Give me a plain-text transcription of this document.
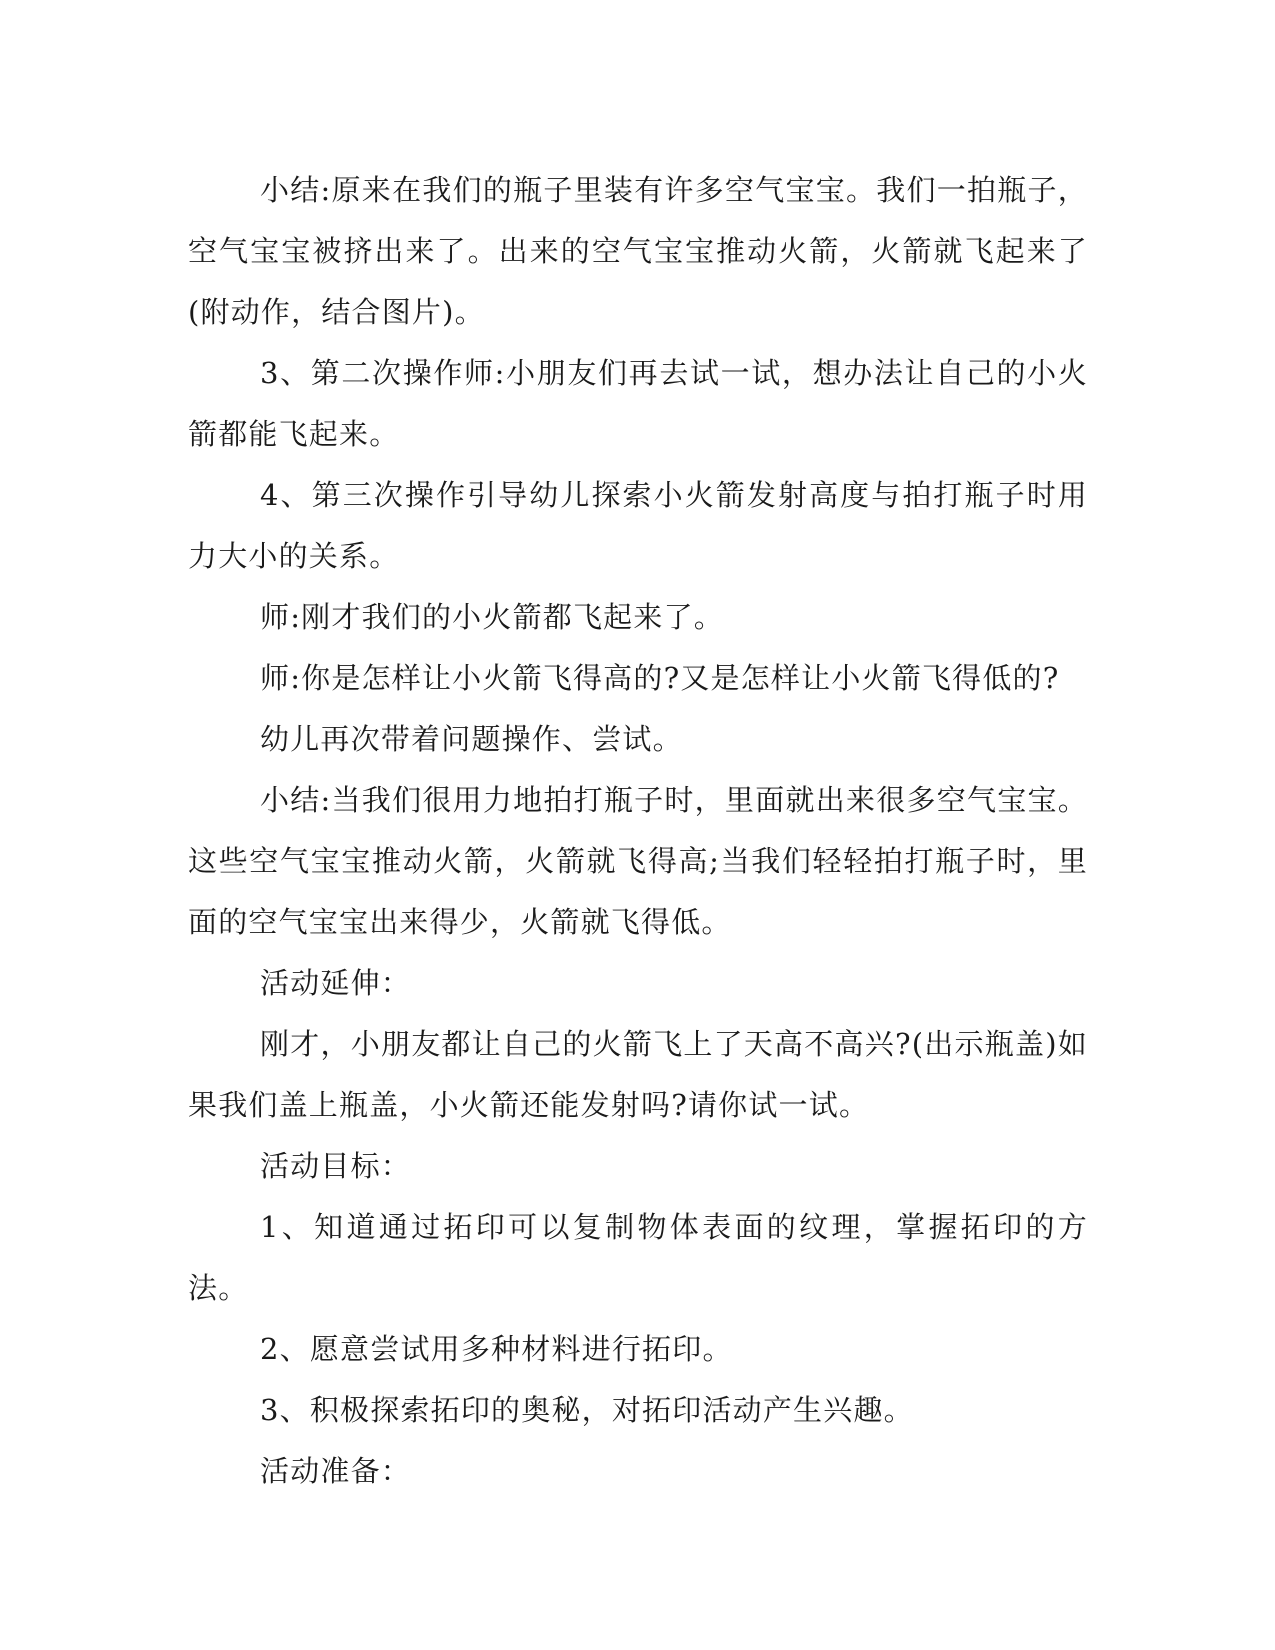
小结:原来在我们的瓶子里装有许多空气宝宝。我们一拍瓶子，空气宝宝被挤出来了。出来的空气宝宝推动火箭，火箭就飞起来了(附动作，结合图片)。

3、第二次操作师:小朋友们再去试一试，想办法让自己的小火箭都能飞起来。

4、第三次操作引导幼儿探索小火箭发射高度与拍打瓶子时用力大小的关系。

师:刚才我们的小火箭都飞起来了。

师:你是怎样让小火箭飞得高的?又是怎样让小火箭飞得低的?

幼儿再次带着问题操作、尝试。

小结:当我们很用力地拍打瓶子时，里面就出来很多空气宝宝。这些空气宝宝推动火箭，火箭就飞得高;当我们轻轻拍打瓶子时，里面的空气宝宝出来得少，火箭就飞得低。

活动延伸：

刚才，小朋友都让自己的火箭飞上了天高不高兴?(出示瓶盖)如果我们盖上瓶盖，小火箭还能发射吗?请你试一试。

活动目标：

1、知道通过拓印可以复制物体表面的纹理，掌握拓印的方法。

2、愿意尝试用多种材料进行拓印。

3、积极探索拓印的奥秘，对拓印活动产生兴趣。

活动准备：
